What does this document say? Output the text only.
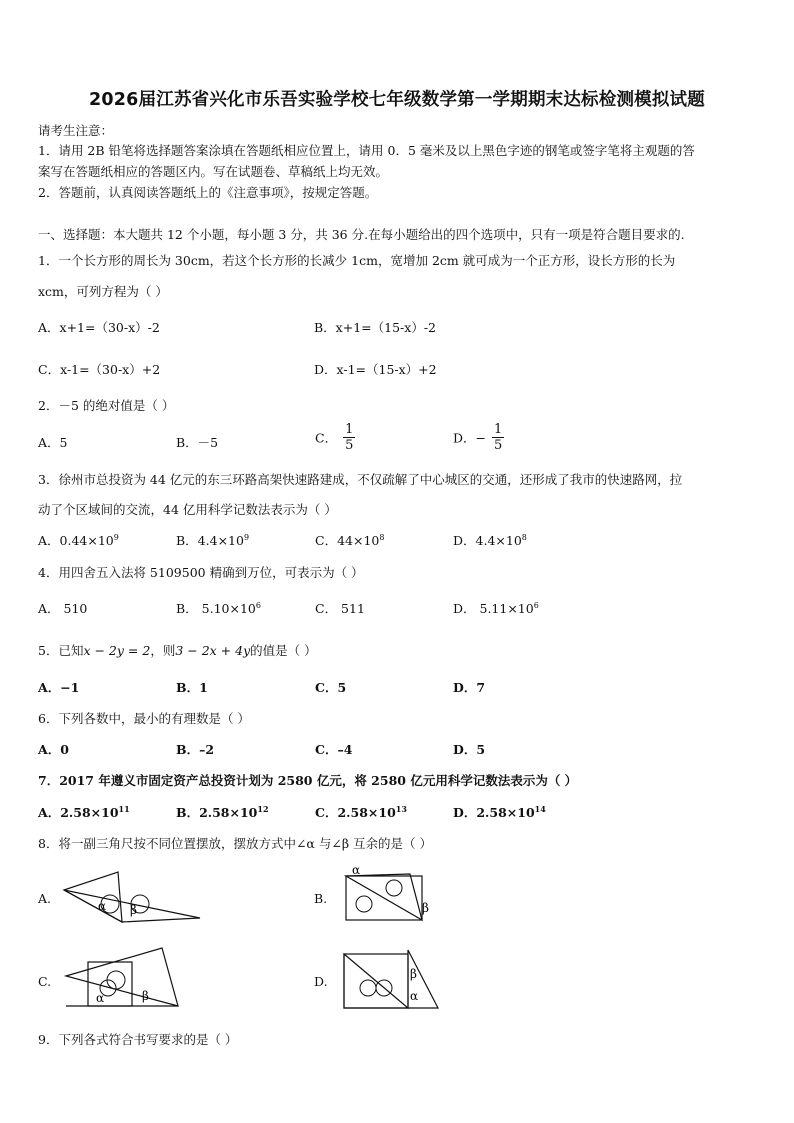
2026届江苏省兴化市乐吾实验学校七年级数学第一学期期末达标检测模拟试题
请考生注意：
1．请用 2B 铅笔将选择题答案涂填在答题纸相应位置上，请用 0．5 毫米及以上黑色字迹的钢笔或签字笔将主观题的答
案写在答题纸相应的答题区内。写在试题卷、草稿纸上均无效。
2．答题前，认真阅读答题纸上的《注意事项》，按规定答题。
一、选择题：本大题共 12 个小题，每小题 3 分，共 36 分.在每小题给出的四个选项中，只有一项是符合题目要求的.
1．一个长方形的周长为 30cm，若这个长方形的长减少 1cm，宽增加 2cm 就可成为一个正方形，设长方形的长为
xcm，可列方程为（ ）
A．x+1=（30-x）-2	B．x+1=（15-x）-2
C．x-1=（30-x）+2	D．x-1=（15-x）+2
2．－5 的绝对值是（ ）
A．5	B．－5	C． $\frac{1}{5}$	D．− $\frac{1}{5}$
3．徐州市总投资为 44 亿元的东三环路高架快速路建成，不仅疏解了中心城区的交通，还形成了我市的快速路网，拉
动了个区域间的交流，44 亿用科学记数法表示为（ ）
A．$0.44\times 10^9$	B．$4.4\times 10^9$	C．$44\times 10^8$	D．$4.4\times 10^8$
4．用四舍五入法将 5109500 精确到万位，可表示为（ ）
A． 510	B． $5.10\times 10^6$	C． 511	D． $5.11\times 10^6$
5．已知x − 2y = 2，则3 − 2x + 4y的值是（ ）
A．−1	B．1	C．5	D．7
6．下列各数中，最小的有理数是（ ）
A．0	B．–2	C．–4	D．5
7．2017 年遵义市固定资产总投资计划为 2580 亿元，将 2580 亿元用科学记数法表示为（ ）
A．$2.58\times 10^{11}$	B．$2.58\times 10^{12}$	C．$2.58\times 10^{13}$	D．$2.58\times 10^{14}$
8．将一副三角尺按不同位置摆放，摆放方式中∠α 与∠β 互余的是（ ）
A.	α β
B.
α
β
C.
α	β
D.	β
α
9．下列各式符合书写要求的是（ ）
